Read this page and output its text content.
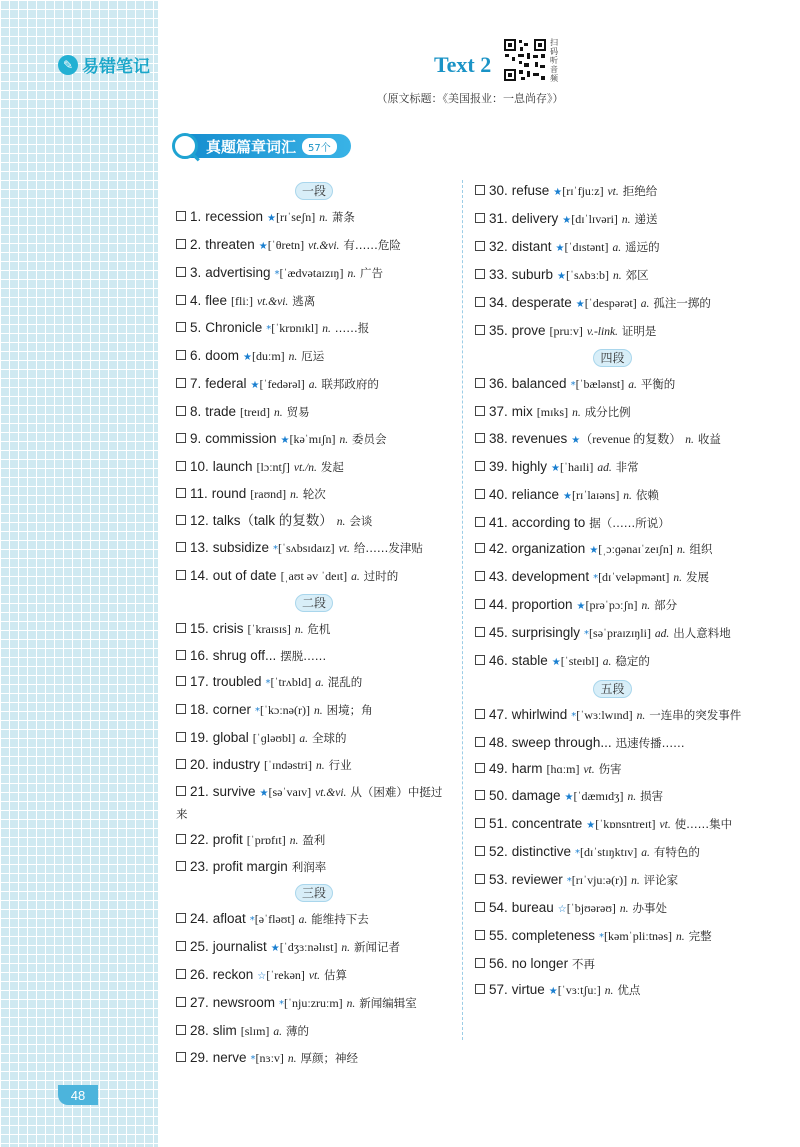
✎ 易错笔记
48
Text 2
扫码听音频
（原文标题：《美国报业：一息尚存》）
真题篇章词汇	57个
一段
1. recession ★[rɪˈseʃn] n. 萧条
2. threaten ★[ˈθretn] vt.&vi. 有……危险
3. advertising *[ˈædvətaɪzɪŋ] n. 广告
4. flee [fliː] vt.&vi. 逃离
5. Chronicle *[ˈkrɒnɪkl] n. ……报
6. doom ★[duːm] n. 厄运
7. federal ★[ˈfedərəl] a. 联邦政府的
8. trade [treɪd] n. 贸易
9. commission ★[kəˈmɪʃn] n. 委员会
10. launch [lɔːntʃ] vt./n. 发起
11. round [raʊnd] n. 轮次
12. talks（talk 的复数） n. 会谈
13. subsidize *[ˈsʌbsɪdaɪz] vt. 给……发津贴
14. out of date [ˌaʊt əv ˈdeɪt] a. 过时的
二段
15. crisis [ˈkraɪsɪs] n. 危机
16. shrug off... 摆脱……
17. troubled *[ˈtrʌbld] a. 混乱的
18. corner *[ˈkɔːnə(r)] n. 困境；角
19. global [ˈɡləʊbl] a. 全球的
20. industry [ˈɪndəstri] n. 行业
21. survive ★[səˈvaɪv] vt.&vi. 从（困难）中挺过来
22. profit [ˈprɒfɪt] n. 盈利
23. profit margin 利润率
三段
24. afloat *[əˈfləʊt] a. 能维持下去
25. journalist ★[ˈdʒɜːnəlɪst] n. 新闻记者
26. reckon ☆[ˈrekən] vt. 估算
27. newsroom *[ˈnjuːzruːm] n. 新闻编辑室
28. slim [slɪm] a. 薄的
29. nerve *[nɜːv] n. 厚颜；神经
30. refuse ★[rɪˈfjuːz] vt. 拒绝给
31. delivery ★[dɪˈlɪvəri] n. 递送
32. distant ★[ˈdɪstənt] a. 遥远的
33. suburb ★[ˈsʌbɜːb] n. 郊区
34. desperate ★[ˈdespərət] a. 孤注一掷的
35. prove [pruːv] v.-link. 证明是
四段
36. balanced *[ˈbælənst] a. 平衡的
37. mix [mɪks] n. 成分比例
38. revenues ★（revenue 的复数） n. 收益
39. highly ★[ˈhaɪli] ad. 非常
40. reliance ★[rɪˈlaɪəns] n. 依赖
41. according to 据（……所说）
42. organization ★[ˌɔːɡənaɪˈzeɪʃn] n. 组织
43. development *[dɪˈveləpmənt] n. 发展
44. proportion ★[prəˈpɔːʃn] n. 部分
45. surprisingly *[səˈpraɪzɪŋli] ad. 出人意料地
46. stable ★[ˈsteɪbl] a. 稳定的
五段
47. whirlwind *[ˈwɜːlwɪnd] n. 一连串的突发事件
48. sweep through... 迅速传播……
49. harm [hɑːm] vt. 伤害
50. damage ★[ˈdæmɪdʒ] n. 损害
51. concentrate ★[ˈkɒnsntreɪt] vt. 使……集中
52. distinctive *[dɪˈstɪŋktɪv] a. 有特色的
53. reviewer *[rɪˈvjuːə(r)] n. 评论家
54. bureau ☆[ˈbjʊərəʊ] n. 办事处
55. completeness *[kəmˈpliːtnəs] n. 完整
56. no longer 不再
57. virtue ★[ˈvɜːtʃuː] n. 优点
